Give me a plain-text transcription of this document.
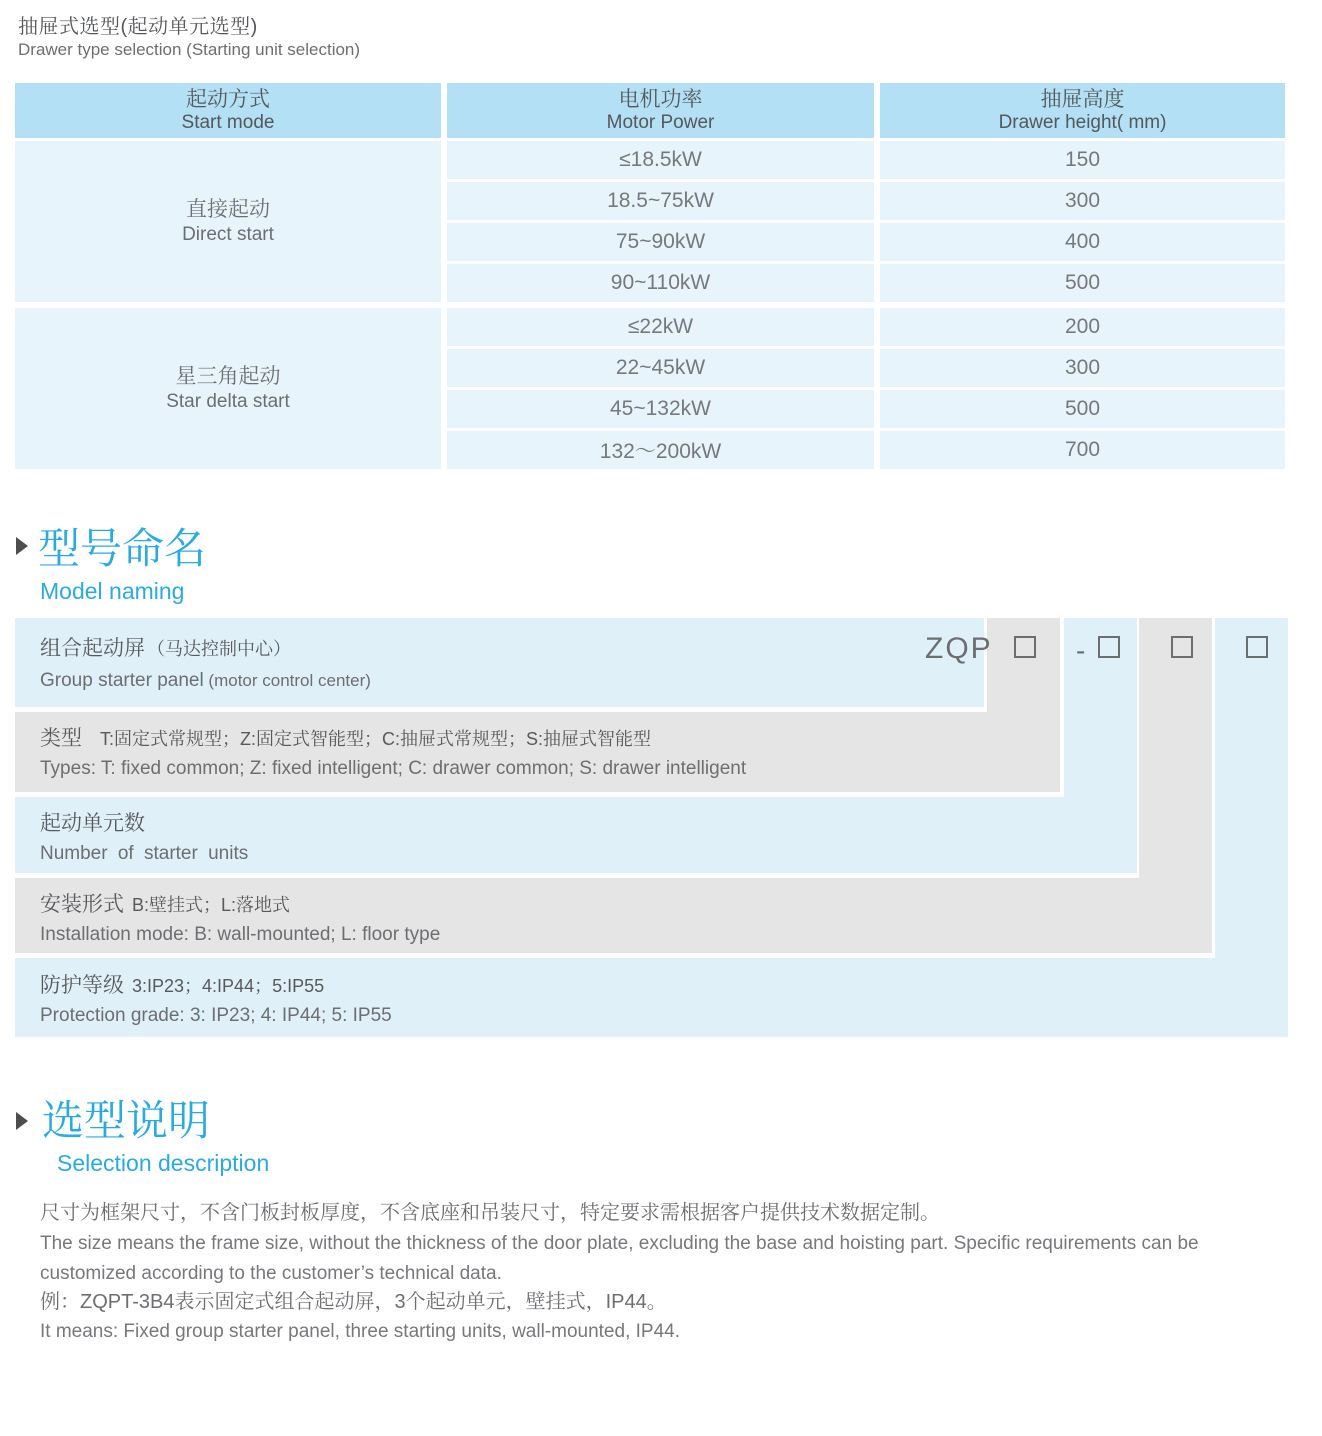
抽屉式选型(起动单元选型)
Drawer type selection (Starting unit selection)
起动方式
Start mode
电机功率
Motor Power
抽屉高度
Drawer height( mm)
直接起动
Direct start
星三角起动
Star delta start
≤18.5kW
18.5~75kW
75~90kW
90~110kW
≤22kW
22~45kW
45~132kW
132～200kW
150
300
400
500
200
300
500
700
型号命名
Model naming
组合起动屏 （马达控制中心）
Group starter panel (motor control center)
类型 T:固定式常规型；Z:固定式智能型；C:抽屉式常规型；S:抽屉式智能型
Types: T: fixed common; Z: fixed intelligent; C: drawer common; S: drawer intelligent
起动单元数
Number of starter units
安装形式 B:壁挂式；L:落地式
Installation mode: B: wall-mounted; L: floor type
防护等级 3:IP23；4:IP44；5:IP55
Protection grade: 3: IP23; 4: IP44; 5: IP55
ZQP	-
选型说明
Selection description
尺寸为框架尺寸，不含门板封板厚度，不含底座和吊装尺寸，特定要求需根据客户提供技术数据定制。
The size means the frame size, without the thickness of the door plate, excluding the base and hoisting part. Specific requirements can be customized according to the customer’s technical data.
例：ZQPT-3B4表示固定式组合起动屏，3个起动单元，壁挂式，IP44。
It means: Fixed group starter panel, three starting units, wall-mounted, IP44.
